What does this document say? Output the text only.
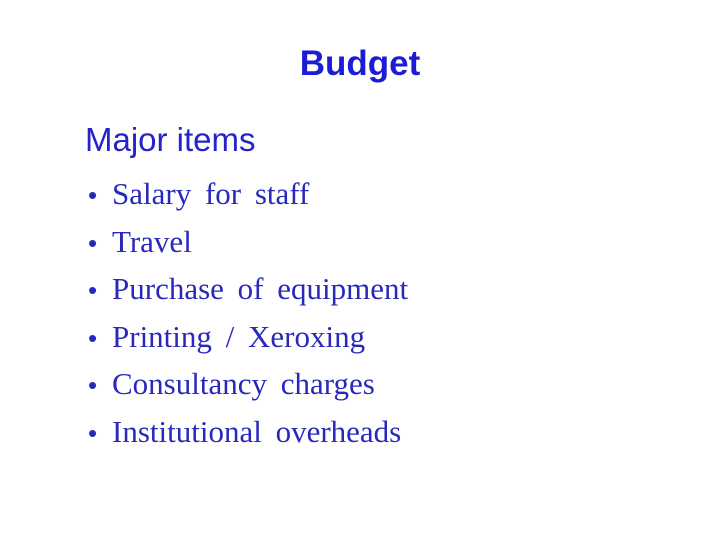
Budget
Major items
• Salary for staff
• Travel
• Purchase of equipment
• Printing / Xeroxing
• Consultancy charges
• Institutional overheads
